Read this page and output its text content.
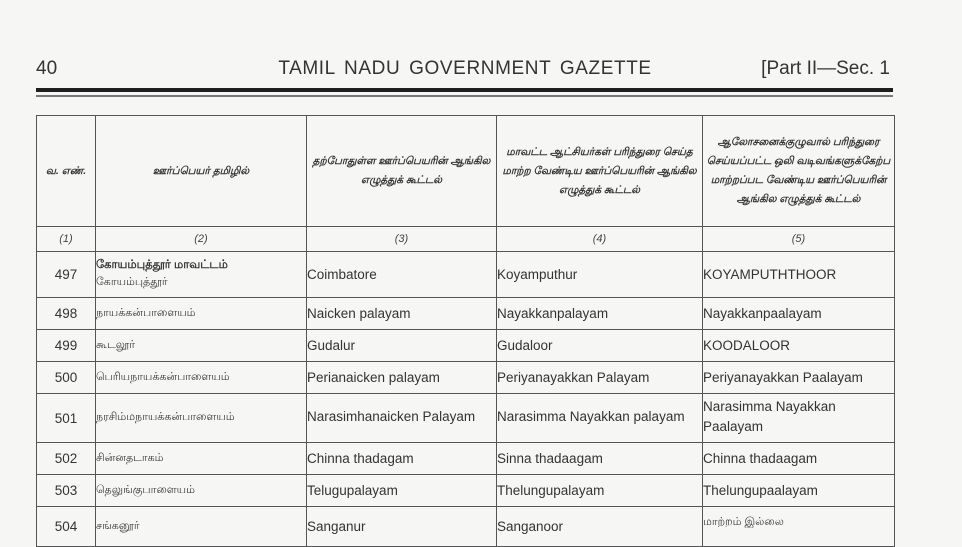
40	TAMIL NADU GOVERNMENT GAZETTE	[Part II—Sec. 1
வ. எண்.	ஊர்ப்பெயர் தமிழில்	தற்போதுள்ள ஊர்ப்பெயரின் ஆங்கில எழுத்துக் கூட்டல்	மாவட்ட ஆட்சியர்கள் பரிந்துரை செய்த மாற்ற வேண்டிய ஊர்ப்பெயரின் ஆங்கில எழுத்துக் கூட்டல்	ஆலோசனைக்குழுவால் பரிந்துரை செய்யப்பட்ட ஒலி வடிவங்களுக்கேற்ப மாற்றப்பட வேண்டிய ஊர்ப்பெயரின் ஆங்கில எழுத்துக் கூட்டல்
(1)	(2)	(3)	(4)	(5)
497	கோயம்புத்தூர் மாவட்டம்
கோயம்புத்தூர்	Coimbatore	Koyamputhur	KOYAMPUTHTHOOR
498	நாயக்கன்பாளையம்	Naicken palayam	Nayakkanpalayam	Nayakkanpaalayam
499	கூடலூர்	Gudalur	Gudaloor	KOODALOOR
500	பெரியநாயக்கன்பாளையம்	Perianaicken palayam	Periyanayakkan Palayam	Periyanayakkan Paalayam
501	நரசிம்மநாயக்கன்பாளையம்	Narasimhanaicken Palayam	Narasimma Nayakkan palayam	Narasimma Nayakkan Paalayam
502	சின்னதடாகம்	Chinna thadagam	Sinna thadaagam	Chinna thadaagam
503	தெலுங்குபாளையம்	Telugupalayam	Thelungupalayam	Thelungupaalayam
504	சங்கனூர்	Sanganur	Sanganoor	மாற்றம் இல்லை
